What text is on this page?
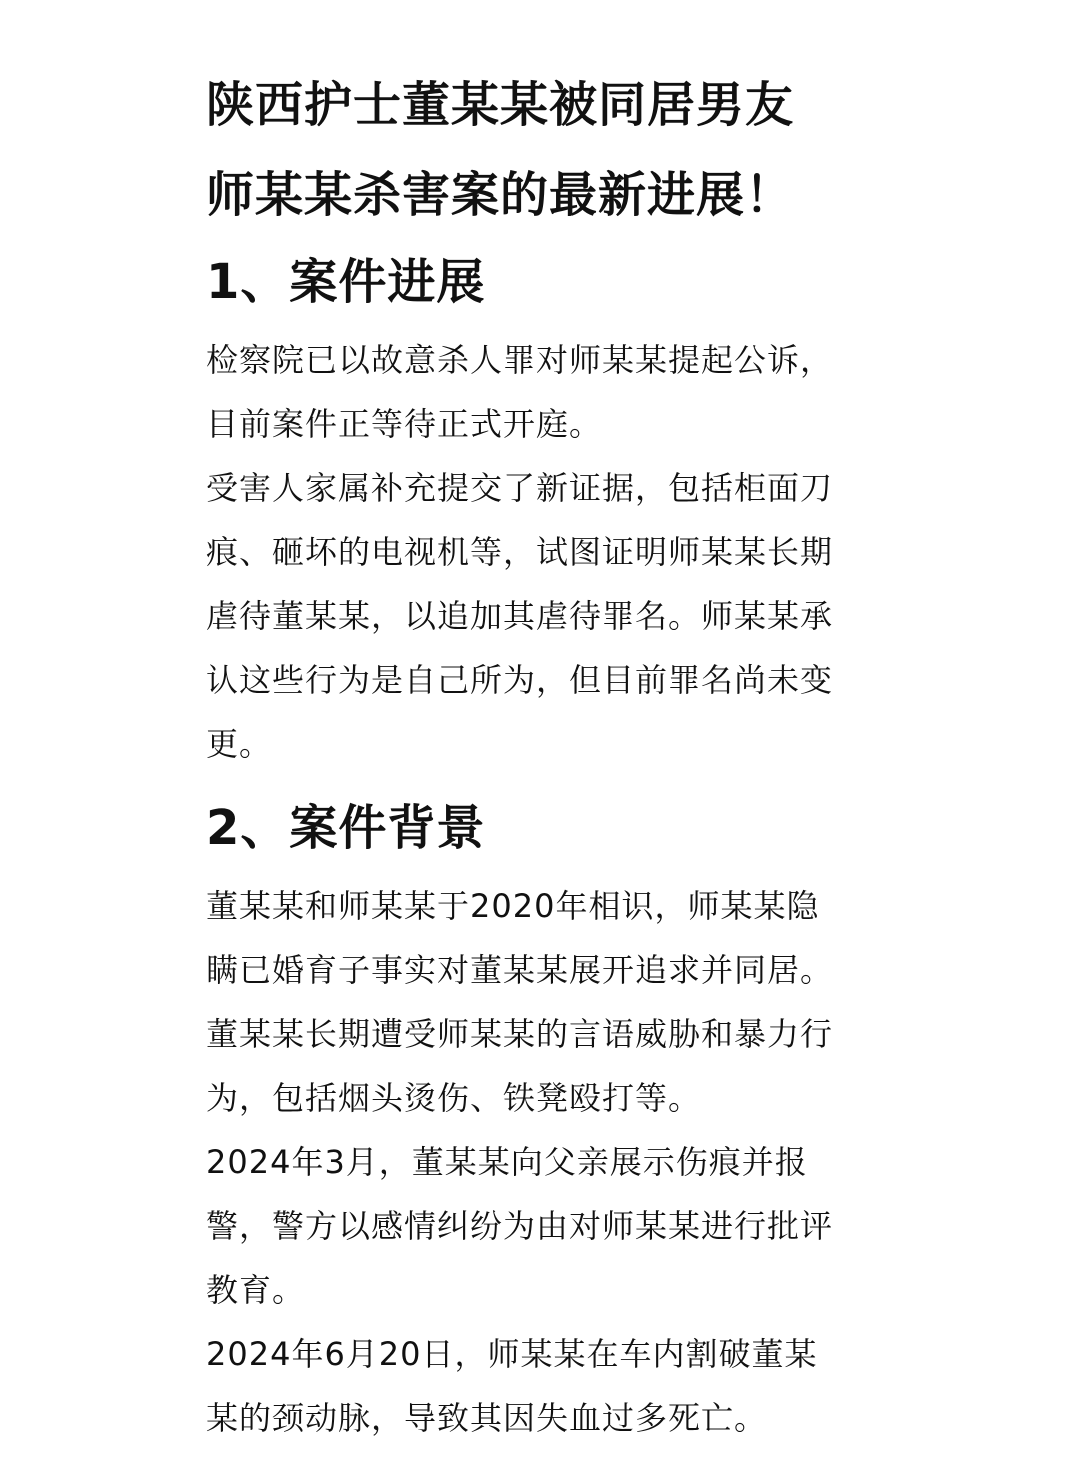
陕西护士董某某被同居男友
师某某杀害案的最新进展！
1、案件进展

检察院已以故意杀人罪对师某某提起公诉，
目前案件正等待正式开庭。

受害人家属补充提交了新证据，包括柜面刀
痕、砸坏的电视机等，试图证明师某某长期
虐待董某某，以追加其虐待罪名。师某某承
认这些行为是自己所为，但目前罪名尚未变
更。

2、案件背景

董某某和师某某于2020年相识，师某某隐
瞒已婚育子事实对董某某展开追求并同居。

董某某长期遭受师某某的言语威胁和暴力行
为，包括烟头烫伤、铁凳殴打等。

2024年3月，董某某向父亲展示伤痕并报
警，警方以感情纠纷为由对师某某进行批评
教育。

2024年6月20日，师某某在车内割破董某
某的颈动脉，导致其因失血过多死亡。
